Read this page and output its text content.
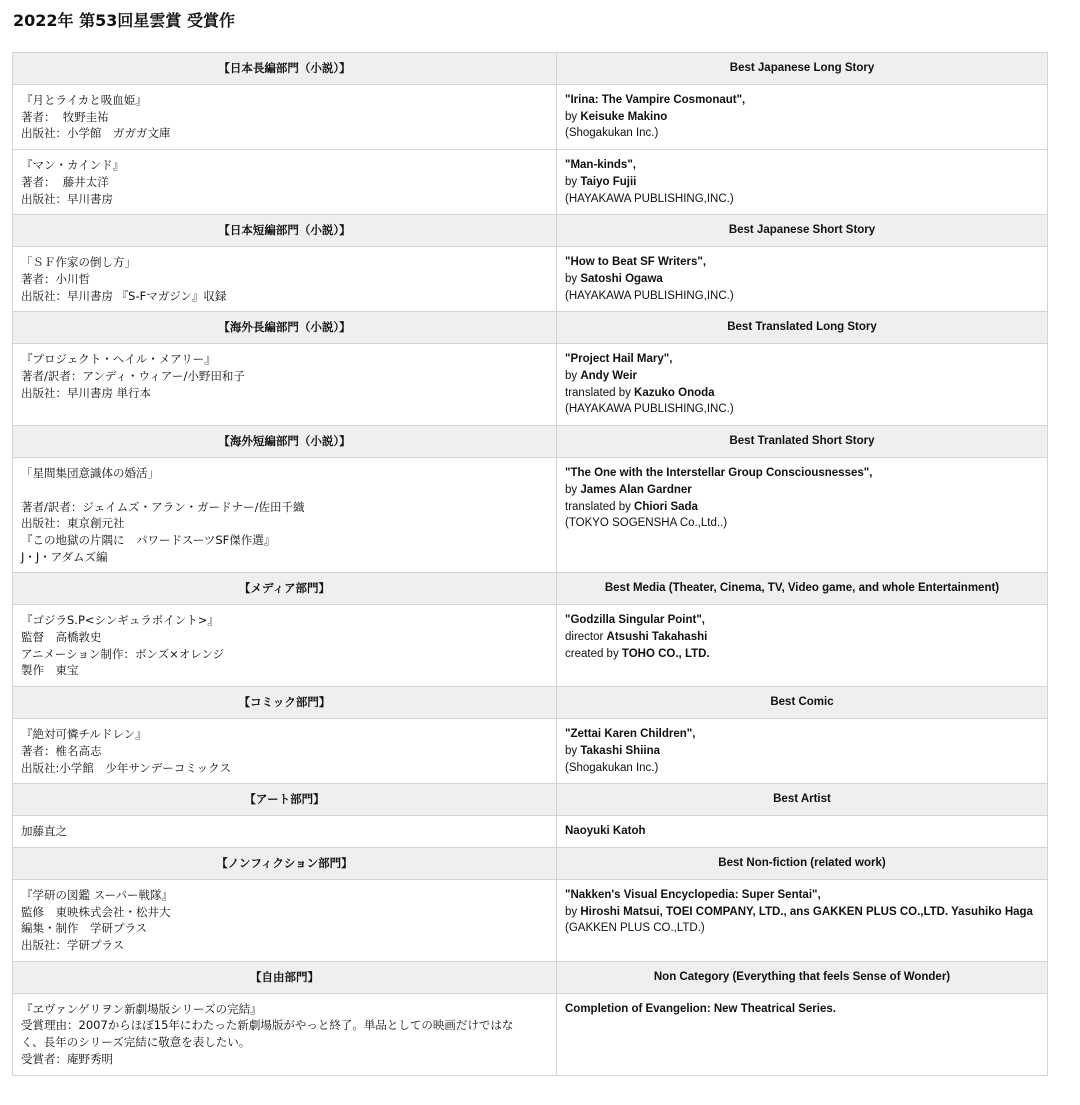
2022年 第53回星雲賞 受賞作
【日本長編部門（小説）】	Best Japanese Long Story

『月とライカと吸血姫』
著者：  牧野圭祐
出版社：小学館　ガガガ文庫	"Irina: The Vampire Cosmonaut",
by Keisuke Makino
(Shogakukan Inc.)

『マン・カインド』
著者：  藤井太洋
出版社：早川書房	"Man-kinds",
by Taiyo Fujii
(HAYAKAWA PUBLISHING,INC.)

【日本短編部門（小説）】	Best Japanese Short Story

「ＳＦ作家の倒し方」
著者：小川哲
出版社：早川書房 『S-Fマガジン』収録	"How to Beat SF Writers",
by Satoshi Ogawa
(HAYAKAWA PUBLISHING,INC.)

【海外長編部門（小説）】	Best Translated Long Story

『プロジェクト・ヘイル・メアリー』
著者/訳者：アンディ・ウィアー/小野田和子
出版社：早川書房 単行本	"Project Hail Mary",
by Andy Weir
translated by Kazuko Onoda
(HAYAKAWA PUBLISHING,INC.)

【海外短編部門（小説）】	Best Tranlated Short Story

「星間集団意識体の婚活」
著者/訳者：ジェイムズ・アラン・ガードナー/佐田千織
出版社：東京創元社
『この地獄の片隅に　パワードスーツSF傑作選』
J・J・アダムズ編	"The One with the Interstellar Group Consciousnesses",
by James Alan Gardner
translated by Chiori Sada
(TOKYO SOGENSHA Co.,Ltd..)

【メディア部門】	Best Media (Theater, Cinema, TV, Video game, and whole Entertainment)

『ゴジラS.P<シンギュラポイント>』
監督　高橋敦史
アニメーション制作：ボンズ×オレンジ
製作　東宝	"Godzilla Singular Point",
director Atsushi Takahashi
created by TOHO CO., LTD.

【コミック部門】	Best Comic

『絶対可憐チルドレン』
著者：椎名高志
出版社:小学館　少年サンデーコミックス	"Zettai Karen Children",
by Takashi Shiina
(Shogakukan Inc.)

【アート部門】	Best Artist

加藤直之	Naoyuki Katoh

【ノンフィクション部門】	Best Non-fiction (related work)

『学研の図鑑 スーパー戦隊』
監修　東映株式会社・松井大
編集・制作　学研プラス
出版社：学研プラス	"Nakken's Visual Encyclopedia: Super Sentai",
by Hiroshi Matsui, TOEI COMPANY, LTD., ans GAKKEN PLUS CO.,LTD. Yasuhiko Haga
(GAKKEN PLUS CO.,LTD.)

【自由部門】	Non Category (Everything that feels Sense of Wonder)

『ヱヴァンゲリヲン新劇場版シリーズの完結』
受賞理由：2007からほぼ15年にわたった新劇場版がやっと終了。単品としての映画だけではな
く、長年のシリーズ完結に敬意を表したい。
受賞者：庵野秀明	Completion of Evangelion: New Theatrical Series.
